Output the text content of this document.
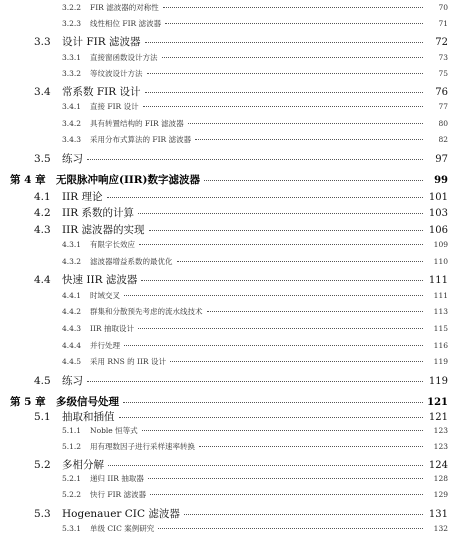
3.2.2	FIR 滤波器的对称性	70
3.2.3	线性相位 FIR 滤波器	71
3.3	设计 FIR 滤波器	72
3.3.1	直接窗函数设计方法	73
3.3.2	等纹波设计方法	75
3.4	常系数 FIR 设计	76
3.4.1	直接 FIR 设计	77
3.4.2	具有转置结构的 FIR 滤波器	80
3.4.3	采用分布式算法的 FIR 滤波器	82
3.5	练习	97
第 4 章 无限脉冲响应(IIR)数字滤波器	99
4.1	IIR 理论	101
4.2	IIR 系数的计算	103
4.3	IIR 滤波器的实现	106
4.3.1	有限字长效应	109
4.3.2	滤波器增益系数的最优化	110
4.4	快速 IIR 滤波器	111
4.4.1	时域交叉	111
4.4.2	群集和分散预先考虑的流水线技术	113
4.4.3	IIR 抽取设计	115
4.4.4	并行处理	116
4.4.5	采用 RNS 的 IIR 设计	119
4.5	练习	119
第 5 章 多级信号处理	121
5.1	抽取和插值	121
5.1.1	Noble 恒等式	123
5.1.2	用有理数因子进行采样速率转换	123
5.2	多相分解	124
5.2.1	递归 IIR 抽取器	128
5.2.2	快行 FIR 滤波器	129
5.3	Hogenauer CIC 滤波器	131
5.3.1	单级 CIC 案例研究	132
